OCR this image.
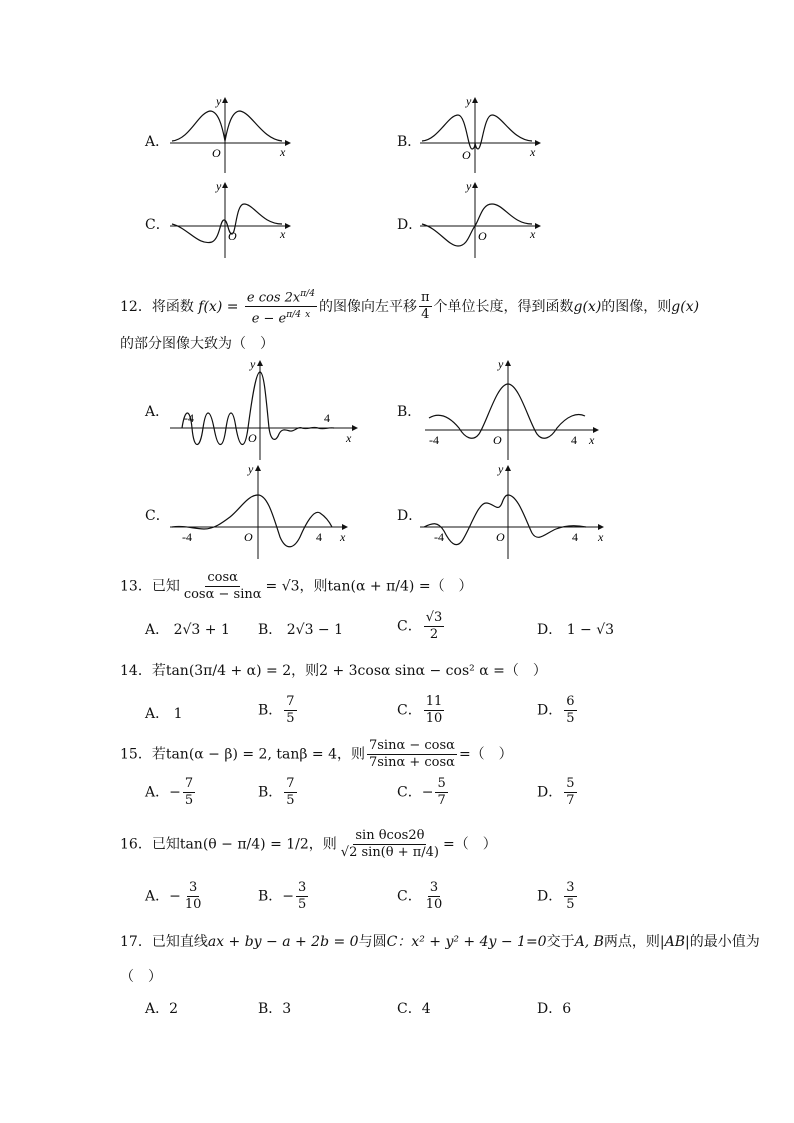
A．
y
O	x
B．
y
O	x
C．
y
O	x
D．
y
O	x
12．将函数 $f(x) = \frac{e \cos 2x^{\pi/4}}{e - e^{\pi/4} ^x}$ 的图像向左平移 $\frac{\pi}{4}$ 个单位长度，得到函数g(x)的图像，则g(x)
的部分图像大致为（　）
A． -4	4
y
O	x
B．
-4	4
y
O	x
C．
-4	4
y
O	x
D．
-4	4
y
O	x
13．已知 $\frac{\cos\alpha}{\cos\alpha - \sin\alpha} = √3$，则tan(α + π/4) =（　）
A． 2√3 + 1 B． 2√3 − 1	C． $\frac{√3}{2}$	D． 1 − √3
14．若tan(3π/4 + α) = 2，则2 + 3cosα sinα − cos² α =（　）
A． 1	B． $\frac{7}{5}$	C． $\frac{11}{10}$	D． $\frac{6}{5}$
15．若tan(α − β) = 2, tanβ = 4，则 $\frac{7\sin\alpha - \cos\alpha}{7\sin\alpha + \cos\alpha}$ =（　）
A．− $\frac{7}{5}$	B． $\frac{7}{5}$	C．− $\frac{5}{7}$	D． $\frac{5}{7}$
16．已知tan(θ − π/4) = 1/2，则 $\frac{\text{sin θcos2θ}}{√2 \sin(\theta + \pi/4)}$ =（　）
A．− $\frac{3}{10}$	B．− $\frac{3}{5}$	C． $\frac{3}{10}$	D． $\frac{3}{5}$
17．已知直线ax + by − a + 2b = 0与圆C：x² + y² + 4y − 1=0交于A, B两点，则|AB|的最小值为
（　）
A．2	B．3	C．4	D．6
